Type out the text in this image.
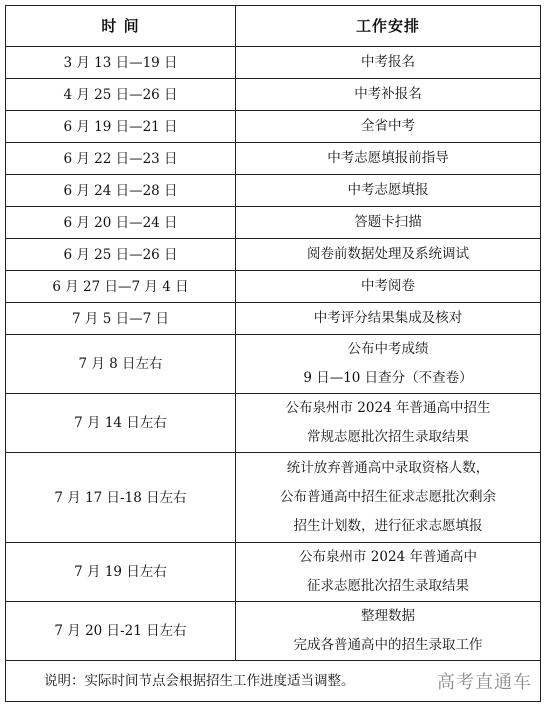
时 间	工作安排
3 月 13 日—19 日	中考报名

4 月 25 日—26 日	中考补报名

6 月 19 日—21 日	全省中考

6 月 22 日—23 日	中考志愿填报前指导

6 月 24 日—28 日	中考志愿填报

6 月 20 日—24 日	答题卡扫描

6 月 25 日—26 日	阅卷前数据处理及系统调试

6 月 27 日—7 月 4 日	中考阅卷

7 月 5 日—7 日	中考评分结果集成及核对

7 月 8 日左右	公布中考成绩
9 日—10 日查分（不查卷）

7 月 14 日左右	公布泉州市 2024 年普通高中招生
常规志愿批次招生录取结果

7 月 17 日-18 日左右	统计放弃普通高中录取资格人数，
公布普通高中招生征求志愿批次剩余
招生计划数，进行征求志愿填报

7 月 19 日左右	公布泉州市 2024 年普通高中
征求志愿批次招生录取结果

7 月 20 日-21 日左右	整理数据
完成各普通高中的招生录取工作

说明：实际时间节点会根据招生工作进度适当调整。 高考直通车	
